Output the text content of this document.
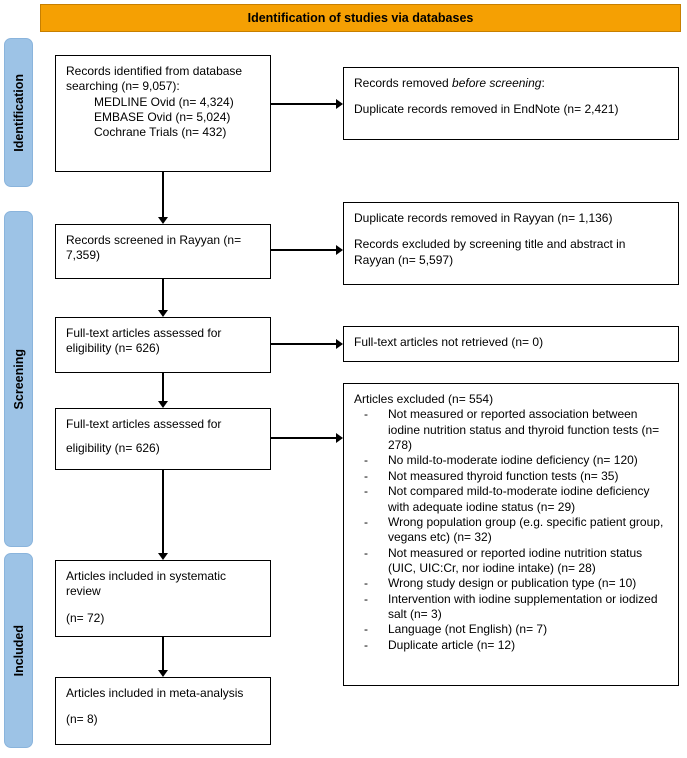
Identification of studies via databases
Identification
Screening
Included
Records identified from database searching (n= 9,057):
MEDLINE Ovid (n= 4,324)
EMBASE Ovid (n= 5,024)
Cochrane Trials (n= 432)
Records screened in Rayyan (n= 7,359)
Full-text articles assessed for eligibility (n= 626)
Full-text articles assessed for
eligibility (n= 626)
Articles included in systematic review
(n= 72)
Articles included in meta-analysis
(n= 8)
Records removed before screening:
Duplicate records removed in EndNote (n= 2,421)
Duplicate records removed in Rayyan (n= 1,136)
Records excluded by screening title and abstract in Rayyan (n= 5,597)
Full-text articles not retrieved (n= 0)
Articles excluded (n= 554)
- Not measured or reported association between iodine nutrition status and thyroid function tests (n= 278)
- No mild-to-moderate iodine deficiency (n= 120)
- Not measured thyroid function tests (n= 35)
- Not compared mild-to-moderate iodine deficiency with adequate iodine status (n= 29)
- Wrong population group (e.g. specific patient group, vegans etc) (n= 32)
- Not measured or reported iodine nutrition status (UIC, UIC:Cr, nor iodine intake) (n= 28)
- Wrong study design or publication type (n= 10)
- Intervention with iodine supplementation or iodized salt (n= 3)
- Language (not English) (n= 7)
- Duplicate article (n= 12)
